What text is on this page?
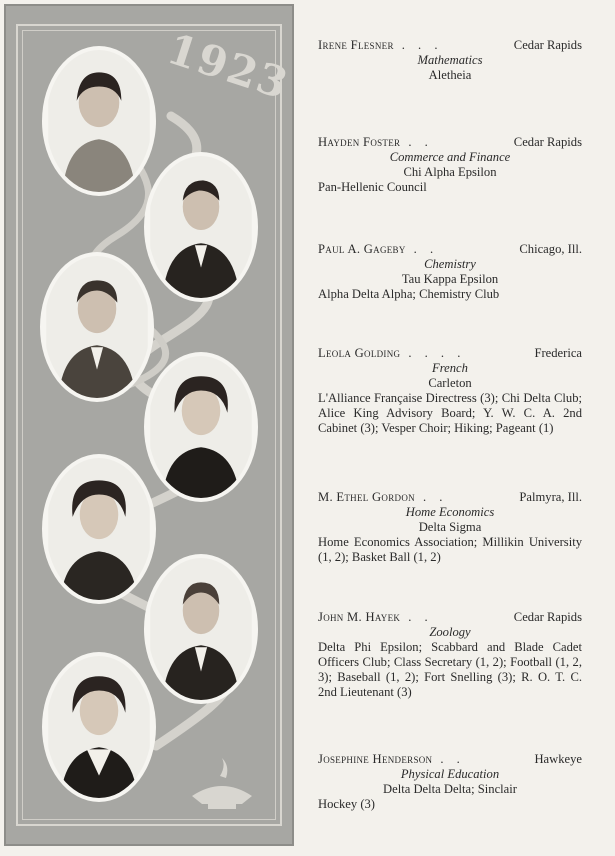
1923 Irene Flesner . . .	Cedar Rapids
Mathematics
Aletheia
Hayden Foster . .	Cedar Rapids
Commerce and Finance
Chi Alpha Epsilon
Pan-Hellenic Council
Paul A. Gageby . .	Chicago, Ill.
Chemistry
Tau Kappa Epsilon
Alpha Delta Alpha; Chemistry Club
Leola Golding . . . .	Frederica
French
Carleton
L'Alliance Française Directress (3); Chi Delta Club; Alice King Advisory Board; Y. W. C. A. 2nd Cabinet (3); Vesper Choir; Hiking; Pageant (1)
M. Ethel Gordon . .	Palmyra, Ill.
Home Economics
Delta Sigma
Home Economics Association; Millikin University (1, 2); Basket Ball (1, 2)
John M. Hayek . .	Cedar Rapids
Zoology
Delta Phi Epsilon; Scabbard and Blade Cadet Officers Club; Class Secretary (1, 2); Football (1, 2, 3); Baseball (1, 2); Fort Snelling (3); R. O. T. C. 2nd Lieutenant (3)
Josephine Henderson . .	Hawkeye
Physical Education
Delta Delta Delta; Sinclair
Hockey (3)
